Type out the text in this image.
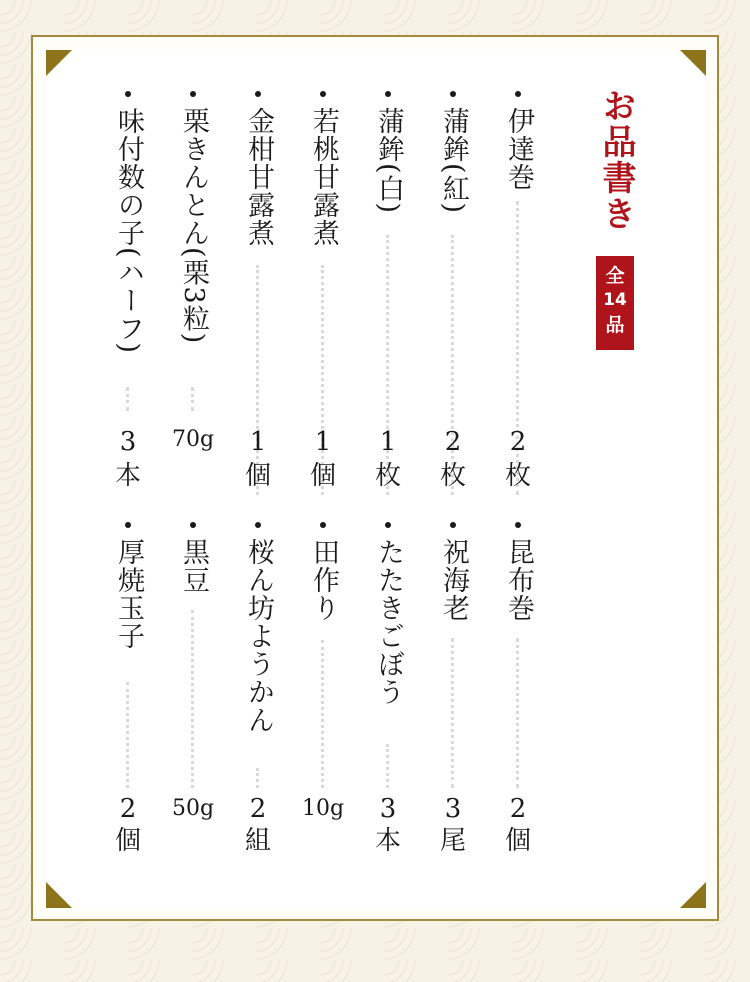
お品書き
全
14
品
伊達巻
2
枚
蒲鉾(紅)
2
枚
蒲鉾(白)
1
枚
若桃甘露煮
1
個
金柑甘露煮
1
個
栗きんとん(栗3粒)
70g
味付数の子(ハーフ)
3
本
昆布巻
2
個
祝海老
3
尾
たたきごぼう
3
本
田作り
10g
桜ん坊ようかん
2
組
黒豆
50g
厚焼玉子
2
個
